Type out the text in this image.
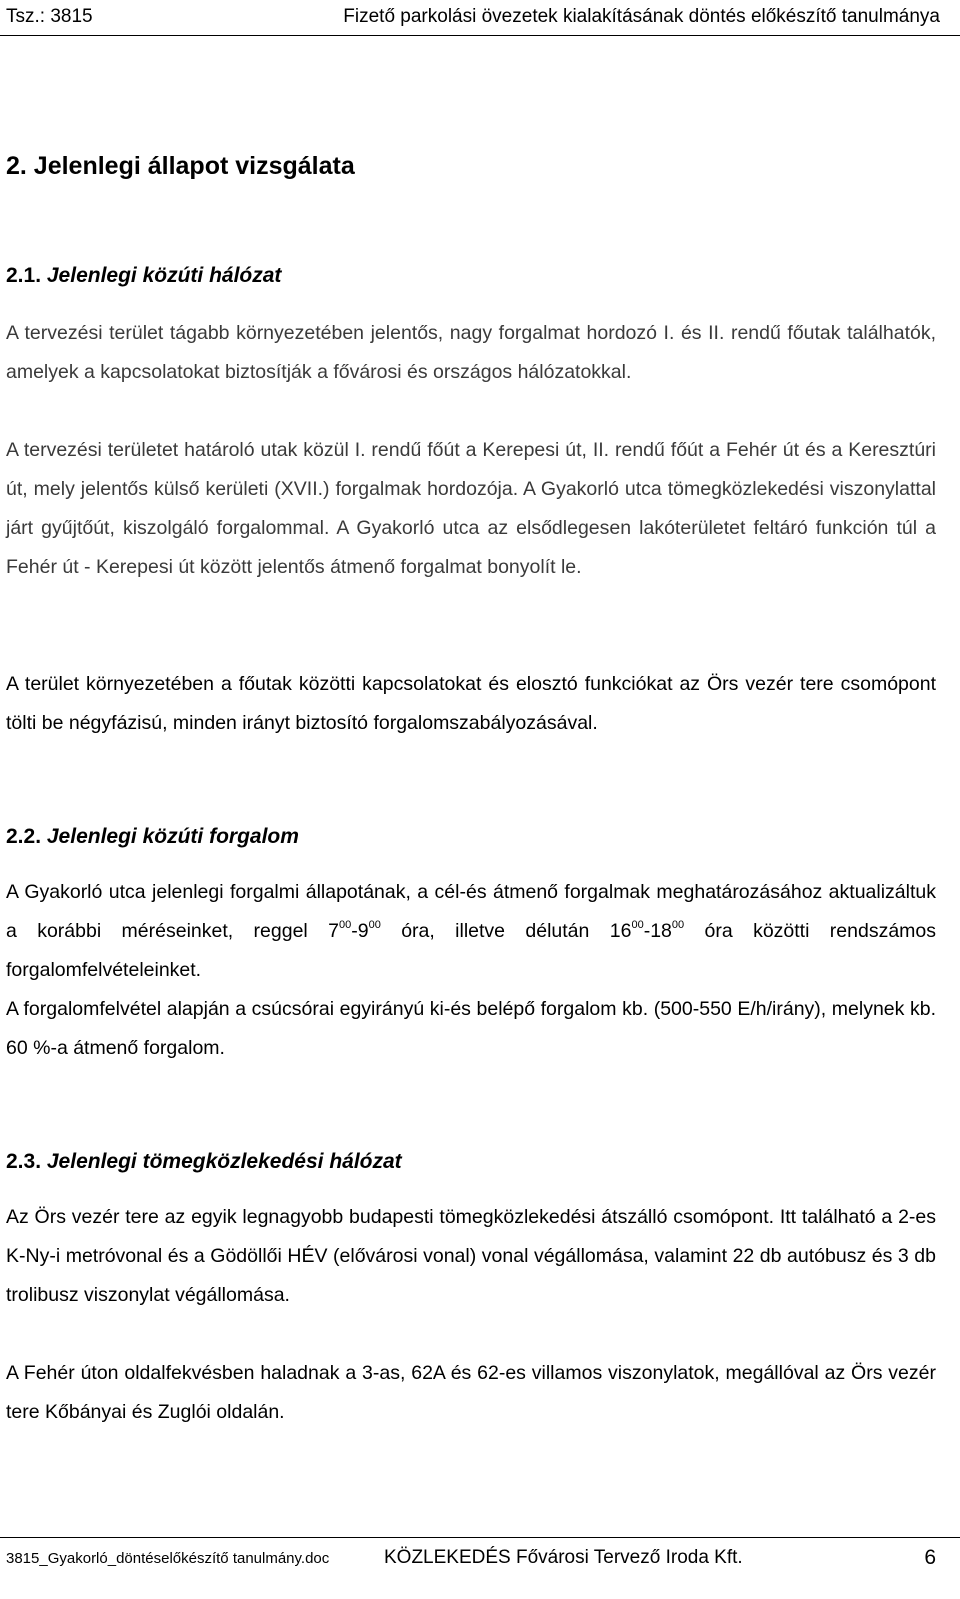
Tsz.: 3815	Fizető parkolási övezetek kialakításának döntés előkészítő tanulmánya
2. Jelenlegi állapot vizsgálata
2.1. Jelenlegi közúti hálózat

A tervezési terület tágabb környezetében jelentős, nagy forgalmat hordozó I. és II. rendű főutak találhatók, amelyek a kapcsolatokat biztosítják a fővárosi és országos hálózatokkal.

A tervezési területet határoló utak közül I. rendű főút a Kerepesi út, II. rendű főút a Fehér út és a Keresztúri út, mely jelentős külső kerületi (XVII.) forgalmak hordozója. A Gyakorló utca tömegközlekedési viszonylattal járt gyűjtőút, kiszolgáló forgalommal. A Gyakorló utca az elsődlegesen lakóterületet feltáró funkción túl a Fehér út - Kerepesi út között jelentős átmenő forgalmat bonyolít le.

A terület környezetében a főutak közötti kapcsolatokat és elosztó funkciókat az Örs vezér tere csomópont tölti be négyfázisú, minden irányt biztosító forgalomszabályozásával.

2.2. Jelenlegi közúti forgalom

A Gyakorló utca jelenlegi forgalmi állapotának, a cél-és átmenő forgalmak meghatározásához aktualizáltuk a korábbi méréseinket, reggel $7^{00}-9^{00}$ óra, illetve délután $16^{00}-18^{00}$ óra közötti rendszámos forgalomfelvételeinket.

A forgalomfelvétel alapján a csúcsórai egyirányú ki-és belépő forgalom kb. (500-550 E/h/irány), melynek kb. 60 %-a átmenő forgalom.

2.3. Jelenlegi tömegközlekedési hálózat

Az Örs vezér tere az egyik legnagyobb budapesti tömegközlekedési átszálló csomópont. Itt található a 2-es K-Ny-i metróvonal és a Gödöllői HÉV (elővárosi vonal) vonal végállomása, valamint 22 db autóbusz és 3 db trolibusz viszonylat végállomása.

A Fehér úton oldalfekvésben haladnak a 3-as, 62A és 62-es villamos viszonylatok, megállóval az Örs vezér tere Kőbányai és Zuglói oldalán.

3815_Gyakorló_döntéselőkészítő tanulmány.doc	KÖZLEKEDÉS Fővárosi Tervező Iroda Kft.	6
